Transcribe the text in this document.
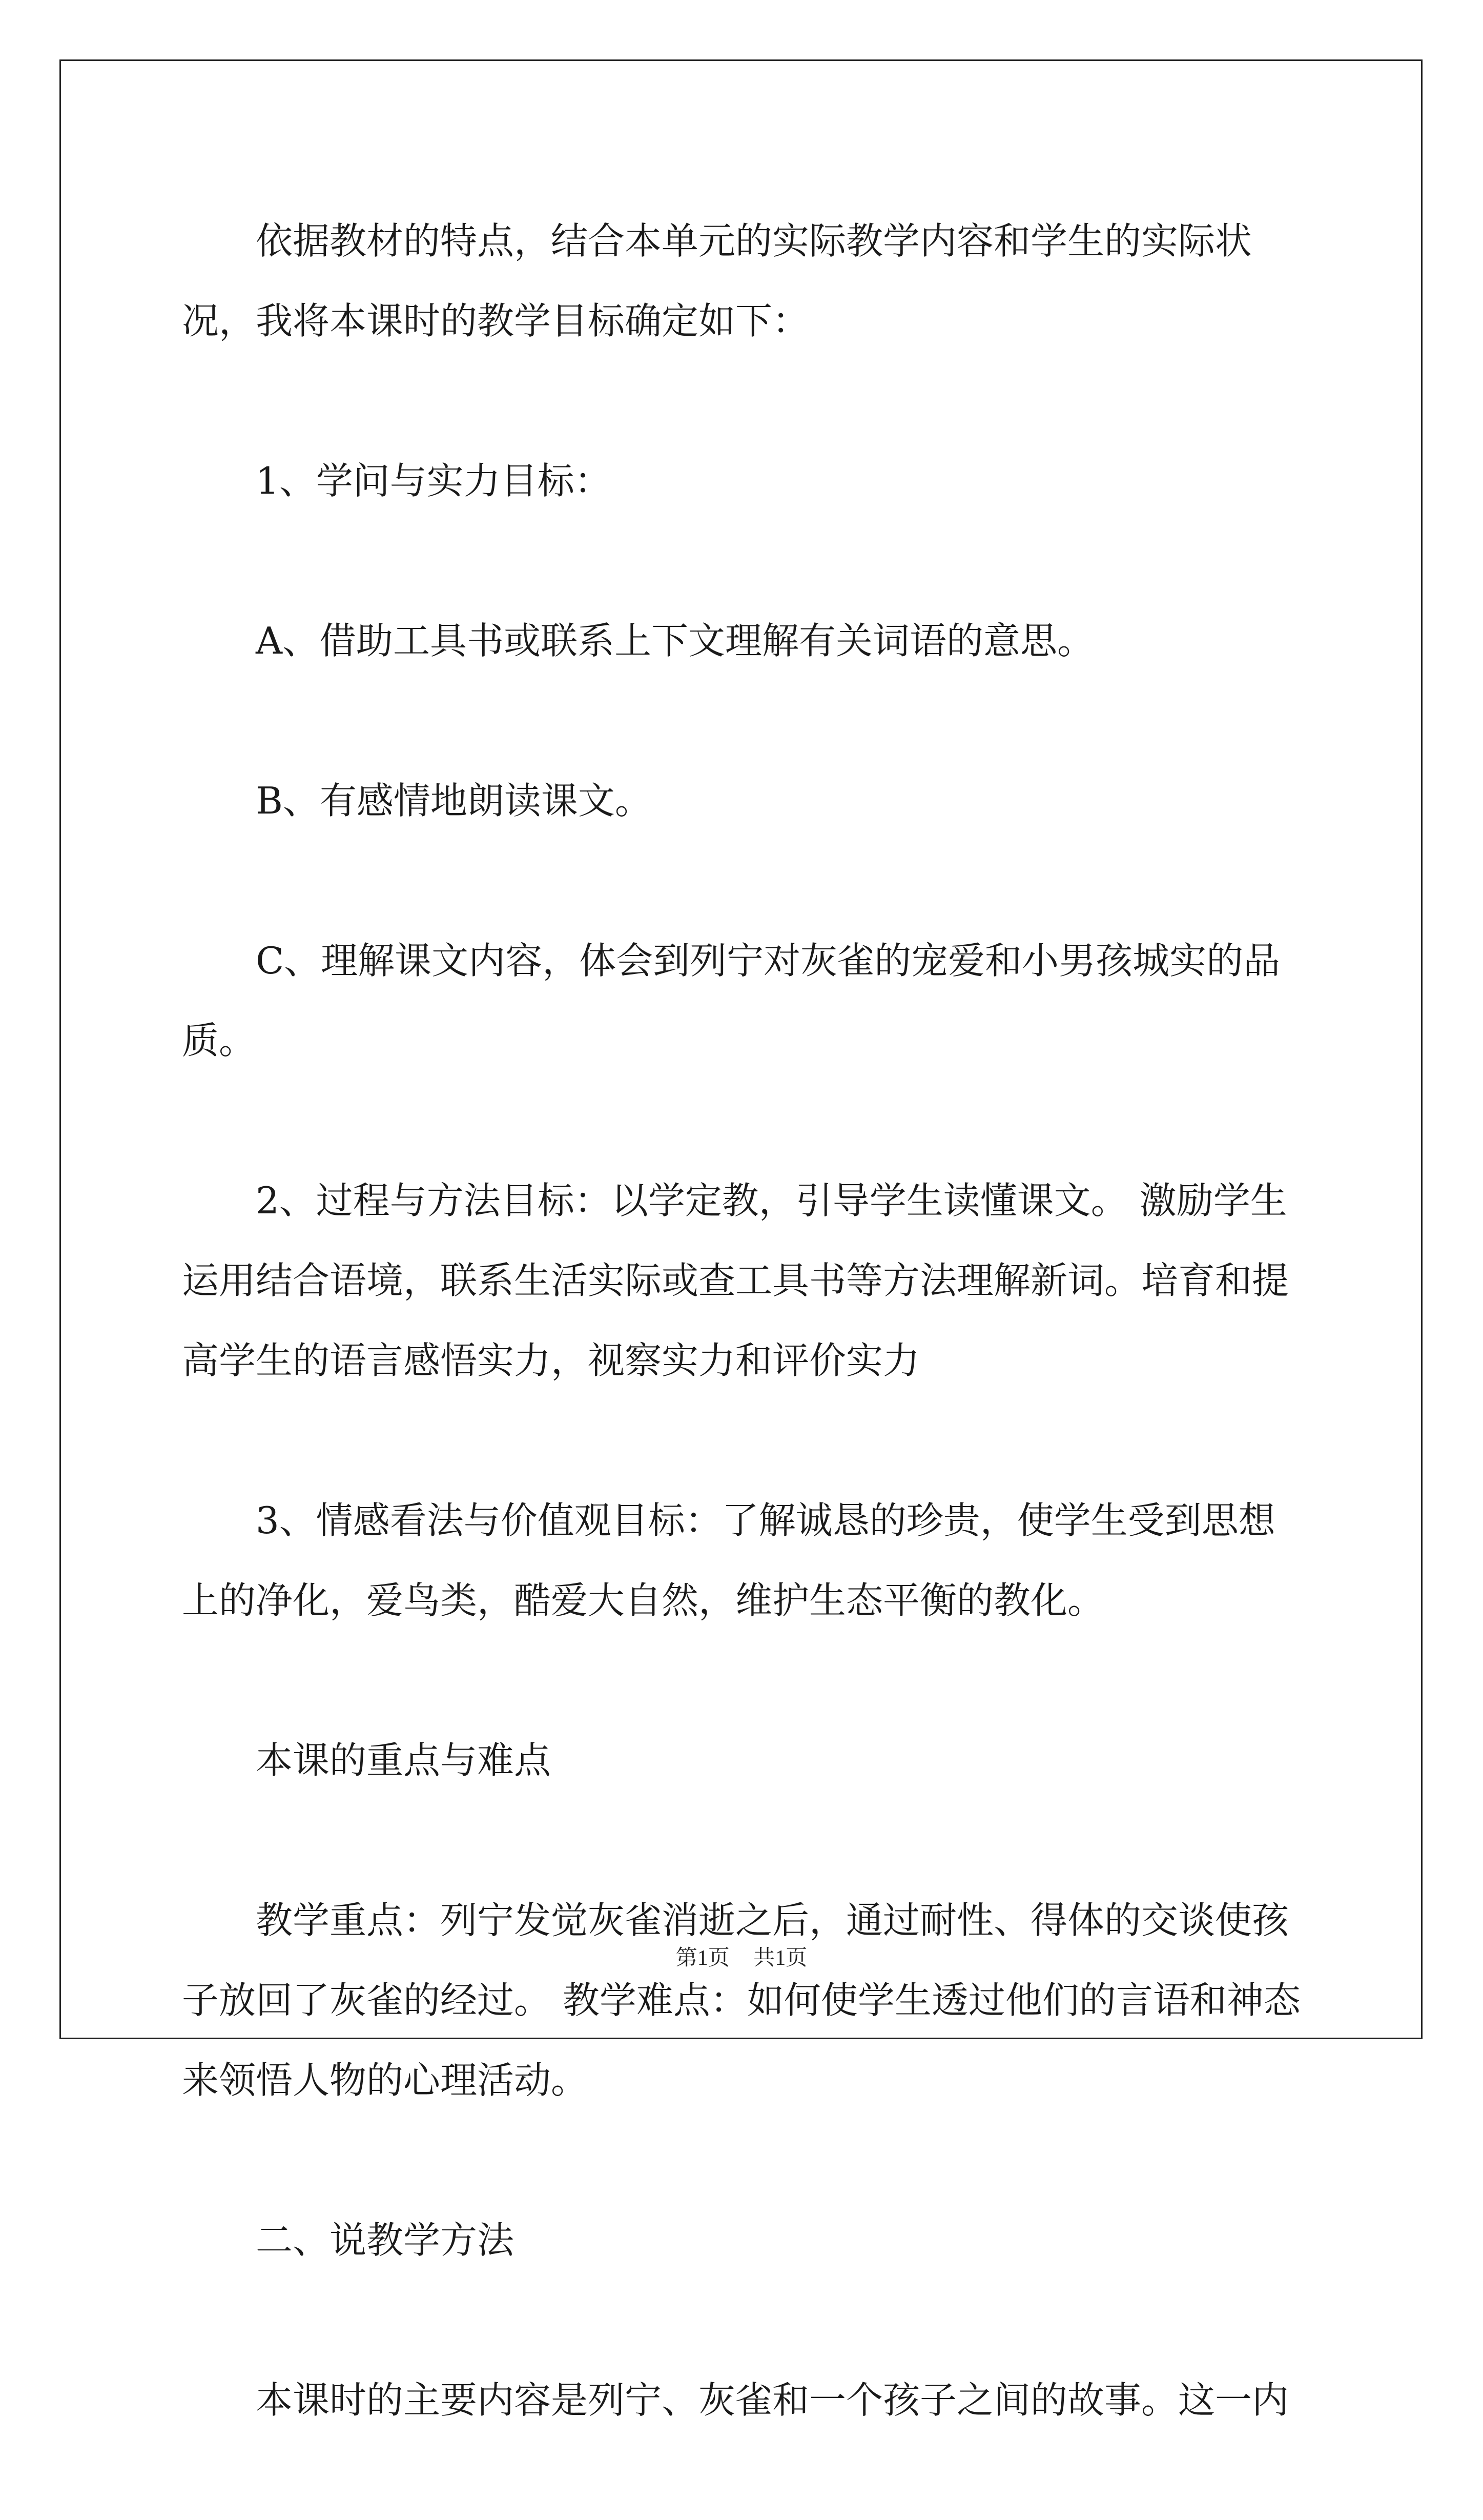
依据教材的特点，结合本单元的实际教学内容和学生的实际状况，我将本课时的教学目标确定如下：

1、学问与实力目标：

A、借助工具书或联系上下文理解有关词语的意思。

B、有感情地朗读课文。

C、理解课文内容，体会到列宁对灰雀的宠爱和小男孩城实的品质。

2、过程与方法目标：以学定教，引导学生读懂课文。 激励学生运用结合语境，联系生活实际或查工具书等方法理解新词。培育和提高学生的语言感悟实力，视察实力和评价实力

3、情感看法与价值观目标：了解诚恳的珍贵，使学生受到思想上的净化，爱鸟类，酷爱大自然，维护生态平衡的教化。

本课的重点与难点

教学重点：列宁发觉灰雀消逝之后，通过耐性、得体的交谈使孩子放回了灰雀的经过。 教学难点：如何使学生透过他们的言语和神态来领悟人物的心理活动。

二、说教学方法

本课时的主要内容是列宁、灰雀和一个孩子之间的故事。这一内

第1页 共1页
